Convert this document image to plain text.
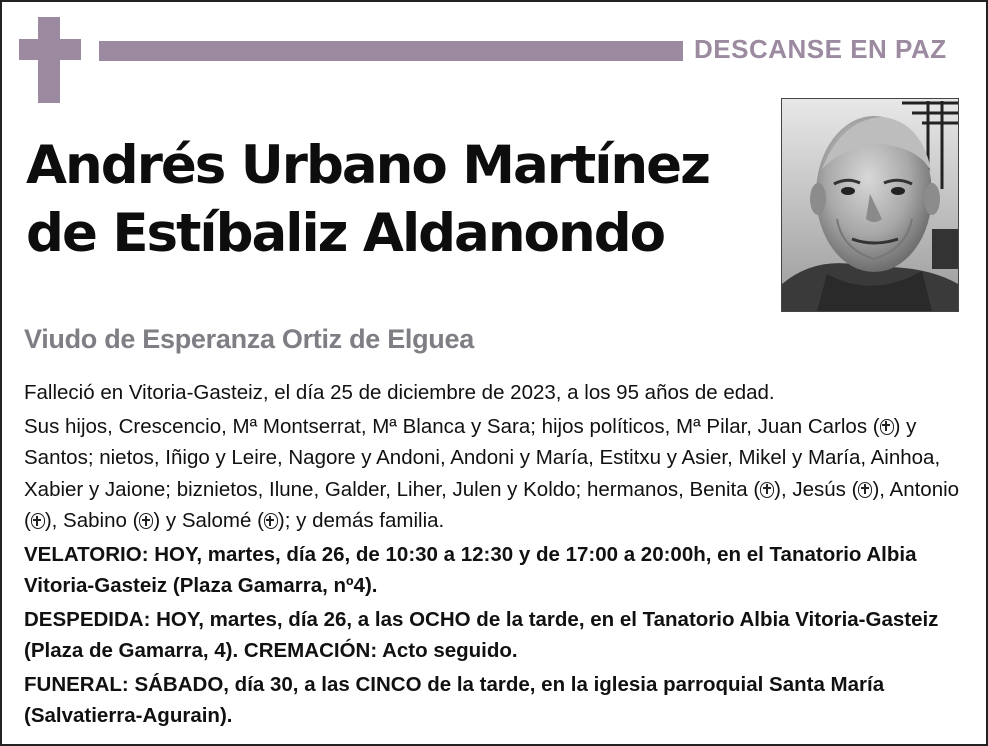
DESCANSE EN PAZ
Andrés Urbano Martínez
de Estíbaliz Aldanondo
Viudo de Esperanza Ortiz de Elguea

Falleció en Vitoria-Gasteiz, el día 25 de diciembre de 2023, a los 95 años de edad.

Sus hijos, Crescencio, Mª Montserrat, Mª Blanca y Sara; hijos políticos, Mª Pilar, Juan Carlos ( ) y Santos; nietos, Iñigo y Leire, Nagore y Andoni, Andoni y María, Estitxu y Asier, Mikel y María, Ainhoa, Xabier y Jaione; biznietos, Ilune, Galder, Liher, Julen y Koldo; hermanos, Benita ( ), Jesús ( ), Antonio ( ), Sabino ( ) y Salomé ( ); y demás familia.

VELATORIO: HOY, martes, día 26, de 10:30 a 12:30 y de 17:00 a 20:00h, en el Tanatorio Albia Vitoria-Gasteiz (Plaza Gamarra, nº4).

DESPEDIDA: HOY, martes, día 26, a las OCHO de la tarde, en el Tanatorio Albia Vitoria-Gasteiz (Plaza de Gamarra, 4). CREMACIÓN: Acto seguido.

FUNERAL: SÁBADO, día 30, a las CINCO de la tarde, en la iglesia parroquial Santa María (Salvatierra-Agurain).
